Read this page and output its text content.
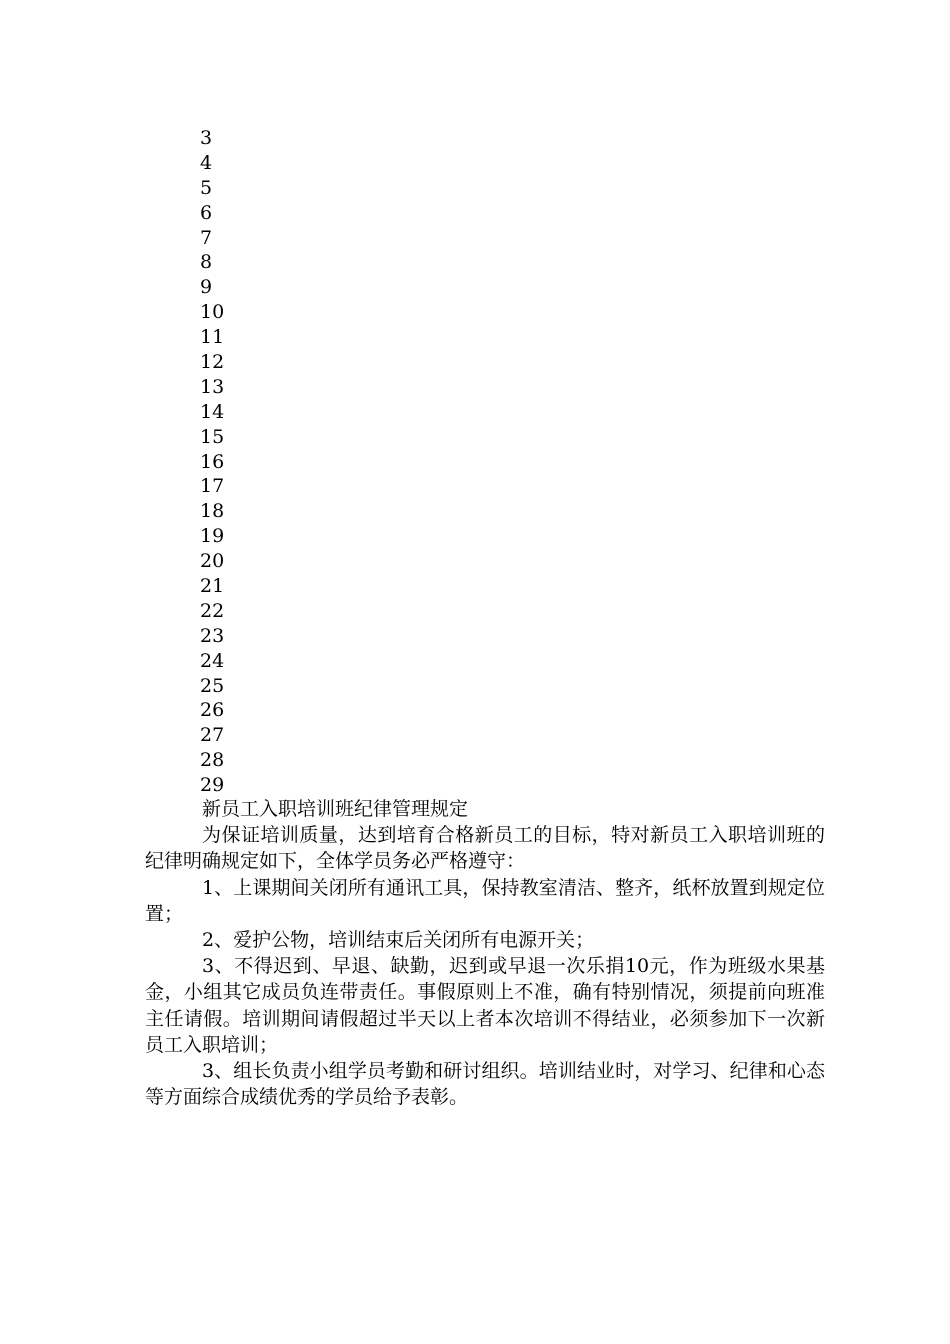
3
4
5
6
7
8
9
10
11
12
13
14
15
16
17
18
19
20
21
22
23
24
25
26
27
28
29

新员工入职培训班纪律管理规定

为保证培训质量，达到培育合格新员工的目标，特对新员工入职培训班的纪律明确规定如下，全体学员务必严格遵守：

1、上课期间关闭所有通讯工具，保持教室清洁、整齐，纸杯放置到规定位置；

2、爱护公物，培训结束后关闭所有电源开关；

3、不得迟到、早退、缺勤，迟到或早退一次乐捐10元，作为班级水果基金，小组其它成员负连带责任。事假原则上不准，确有特别情况，须提前向班准主任请假。培训期间请假超过半天以上者本次培训不得结业，必须参加下一次新员工入职培训；

3、组长负责小组学员考勤和研讨组织。培训结业时，对学习、纪律和心态等方面综合成绩优秀的学员给予表彰。
